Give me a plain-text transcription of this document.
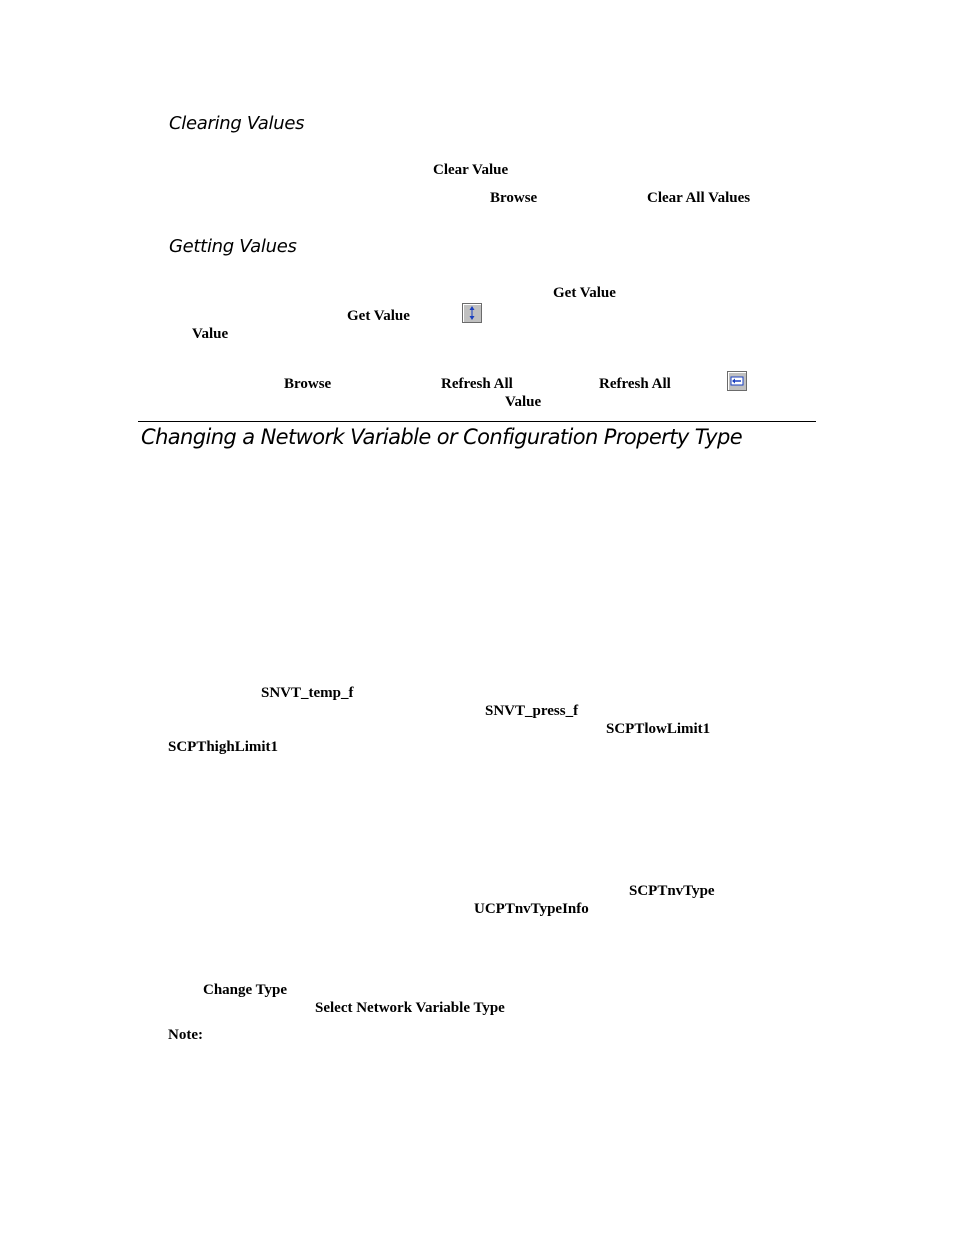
Clearing Values
Clear Value
Browse	Clear All Values
Getting Values
Get Value
Get Value
Value
Browse	Refresh All	Refresh All
Value
Changing a Network Variable or Configuration Property Type
SNVT_temp_f
SNVT_press_f
SCPTlowLimit1
SCPThighLimit1
SCPTnvType
UCPTnvTypeInfo
Change Type
Select Network Variable Type
Note:
